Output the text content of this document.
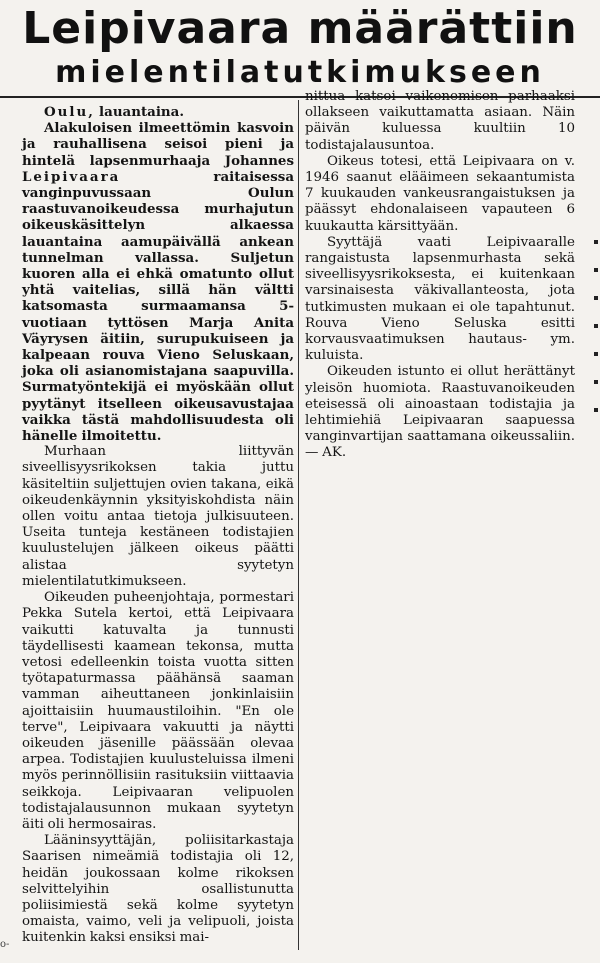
Leipivaara määrättiin
mielentilatutkimukseen

Oulu, lauantaina.

Alakuloisen ilmeettömin kasvoin ja rauhallisena seisoi pieni ja hintelä lapsenmurhaaja Johannes Leipivaara raitaisessa vanginpuvussaan Oulun raastuvanoikeudessa murhajutun oikeuskäsittelyn alkaessa lauantaina aamupäivällä ankean tunnelman vallassa. Suljetun kuoren alla ei ehkä omatunto ollut yhtä vaitelias, sillä hän vältti katsomasta surmaamansa 5-vuotiaan tyttösen Marja Anita Väyrysen äitiin, surupukuiseen ja kalpeaan rouva Vieno Seluskaan, joka oli asianomistajana saapuvilla. Surmatyöntekijä ei myöskään ollut pyytänyt itselleen oikeusavustajaa vaikka tästä mahdollisuudesta oli hänelle ilmoitettu.

Murhaan liittyvän siveellisyysrikoksen takia juttu käsiteltiin suljettujen ovien takana, eikä oikeudenkäynnin yksityiskohdista näin ollen voitu antaa tietoja julkisuuteen. Useita tunteja kestäneen todistajien kuulustelujen jälkeen oikeus päätti alistaa syytetyn mielentilatutkimukseen.

Oikeuden puheenjohtaja, pormestari Pekka Sutela kertoi, että Leipivaara vaikutti katuvalta ja tunnusti täydellisesti kaamean tekonsa, mutta vetosi edelleenkin toista vuotta sitten työtapaturmassa päähänsä saaman vamman aiheuttaneen jonkinlaisiin ajoittaisiin huumaustiloihin. "En ole terve", Leipivaara vakuutti ja näytti oikeuden jäsenille päässään olevaa arpea. Todistajien kuulusteluissa ilmeni myös perinnöllisiin rasituksiin viittaavia seikkoja. Leipivaaran velipuolen todistajalausunnon mukaan syytetyn äiti oli hermosairas.

Lääninsyyttäjän, poliisitarkastaja Saarisen nimeämiä todistajia oli 12, heidän joukossaan kolme rikoksen selvittelyihin osallistunutta poliisimiestä sekä kolme syytetyn omaista, vaimo, veli ja velipuoli, joista kuitenkin kaksi ensiksi mai-

nittua katsoi vaikenemisen parhaaksi ollakseen vaikuttamatta asiaan. Näin päivän kuluessa kuultiin 10 todistajalausuntoa.

Oikeus totesi, että Leipivaara on v. 1946 saanut elääimeen sekaantumista 7 kuukauden vankeusrangaistuksen ja päässyt ehdonalaiseen vapauteen 6 kuukautta kärsittyään.

Syyttäjä vaati Leipivaaralle rangaistusta lapsenmurhasta sekä siveellisyysrikoksesta, ei kuitenkaan varsinaisesta väkivallanteosta, jota tutkimusten mukaan ei ole tapahtunut. Rouva Vieno Seluska esitti korvausvaatimuksen hautaus- ym. kuluista.

Oikeuden istunto ei ollut herättänyt yleisön huomiota. Raastuvanoikeuden eteisessä oli ainoastaan todistajia ja lehtimiehiä Leipivaaran saapuessa vanginvartijan saattamana oikeussaliin. — AK.

o-
